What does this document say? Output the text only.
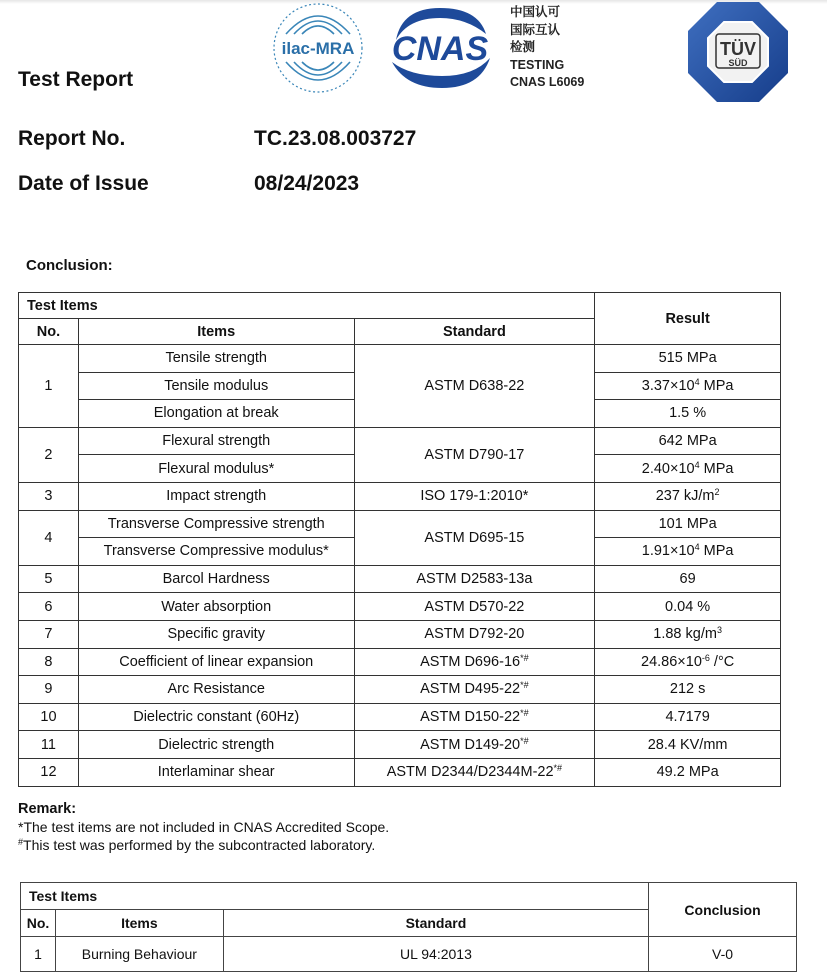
ilac-MRA CNAS
中国认可
国际互认
检测
TESTING
CNAS L6069
TÜV
SÜD
Test Report
Report No.	TC.23.08.003727
Date of Issue	08/24/2023
Conclusion:
Test Items			Result
No.	Items	Standard	
1	Tensile strength	ASTM D638-22	515 MPa
	Tensile modulus		$3.37\times 10^4$ MPa
	Elongation at break		1.5 %
2	Flexural strength	ASTM D790-17	642 MPa
	Flexural modulus*		$2.40\times 10^4$ MPa
3	Impact strength	ISO 179-1:2010*	237 $kJ/m^2$
4	Transverse Compressive strength	ASTM D695-15	101 MPa
	Transverse Compressive modulus*		$1.91\times 10^4$ MPa
5	Barcol Hardness	ASTM D2583-13a	69
6	Water absorption	ASTM D570-22	0.04 %
7	Specific gravity	ASTM D792-20	1.88 $kg/m^3$
8	Coefficient of linear expansion	ASTM D696-16*#	$24.86\times 10^{-6}$ /°C
9	Arc Resistance	ASTM D495-22*#	212 s
10	Dielectric constant (60Hz)	ASTM D150-22*#	4.7179
11	Dielectric strength	ASTM D149-20*#	28.4 KV/mm
12	Interlaminar shear	ASTM D2344/D2344M-22*#	49.2 MPa
Remark:
*The test items are not included in CNAS Accredited Scope.
#This test was performed by the subcontracted laboratory.
Test Items			Conclusion
No.	Items	Standard	
1	Burning Behaviour	UL 94:2013	V-0
